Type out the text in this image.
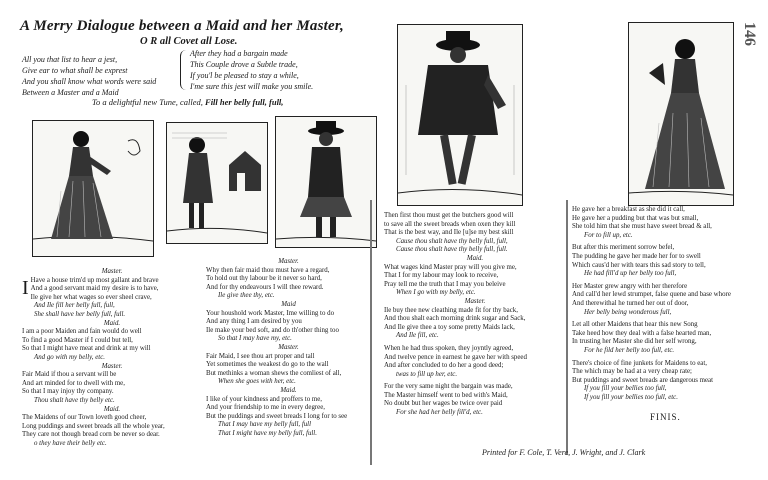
A Merry Dialogue between a Maid and her Master,
O R all Covet all Lose.
All you that list to hear a jest,
Give ear to what shall be exprest
And you shall know what words were said
Between a Master and a Maid
After they had a bargain made
This Couple drove a Subtle trade,
If you'l be pleased to stay a while,
I'me sure this jest will make you smile.
To a delightful new Tune, called, Fill her belly full, full,
146
Master.
I Have a house trim'd up most gallant and brave
And a good servant maid my desire is to have,
Ile give her what wages so ever sheel crave,
And Ile fill her belly full, full,
She shall have her belly full, full.
Maid.
I am a poor Maiden and fain would do well
To find a good Master if I could but tell,
So that I might have meat and drink at my will
And go with my belly, etc.
Master.
Fair Maid if thou a servant will be
And art minded for to dwell with me,
So that I may injoy thy company.
Thou shalt have thy belly etc.
Maid.
The Maidens of our Town loveth good cheer,
Long puddings and sweet breads all the whole year,
They care not though bread corn be never so dear.
o they have their belly etc.
Master.
Why then fair maid thou must have a regard,
To hold out thy labour be it never so hard,
And for thy endeavours I will thee reward.
Ile give thee thy, etc.
Maid
Your houshold work Master, Ime willing to do
And any thing I am desired by you
Ile make your bed soft, and do th'other thing too
So that I may have my, etc.
Master.
Fair Maid, I see thou art proper and tall
Yet sometimes the weakest do go to the wall
But methinks a woman shews the comliest of all,
When she goes with her, etc.
Maid.
I like of your kindness and proffers to me,
And your friendship to me in every degree,
But the puddings and sweet breads I long for to see
That I may have my belly full, full
That I might have my belly full, full.
Then first thou must get the butchers good will
to save all the sweet breads when oxen they kill
That is the best way, and Ile [u]se my best skill
Cause thou shalt have thy belly full, full,
Cause thou shalt have thy belly full, full.
Maid.
What wages kind Master pray will you give me,
That I for my labour may look to receive,
Pray tell me the truth that I may you beleive
When I go with my belly, etc.
Master.
Ile buy thee new cleathing made fit for thy back,
And thou shalt each morning drink sugar and Sack,
And Ile give thee a toy some pretty Maids lack,
And Ile fill, etc.
When he had thus spoken, they joyntly agreed,
And twelve pence in earnest he gave her with speed
And after concluded to do her a good deed;
twas to fill up her, etc.
For the very same night the bargain was made,
The Master himself went to bed with's Maid,
No doubt but her wages be twice over paid
For she had her belly fill'd, etc.
He gave her a breakfast as she did it call,
He gave her a pudding but that was but small,
She told him that she must have sweet bread & all,
For to fill up, etc.
But after this meriment sorrow befel,
The pudding he gave her made her for to swell
Which caus'd her with tears this sad story to tell,
He had fill'd up her belly too full,
Her Master grew angry with her therefore
And call'd her lewd strumpet, false quene and base whore
And therewithal he turned her out of door,
Her belly being wonderous full,
Let all other Maidens that hear this new Song
Take heed how they deal with a false hearted man,
In trusting her Master she did her self wrong,
For he fild her belly too full, etc.
There's choice of fine junkets for Maidens to eat,
The which may be had at a very cheap rate;
But puddings and sweet breads are dangerous meat
If you fill your bellies too full,
If you fill your bellies too full, etc.
FINIS.
Printed for F. Cole, T. Vere, J. Wright, and J. Clark
